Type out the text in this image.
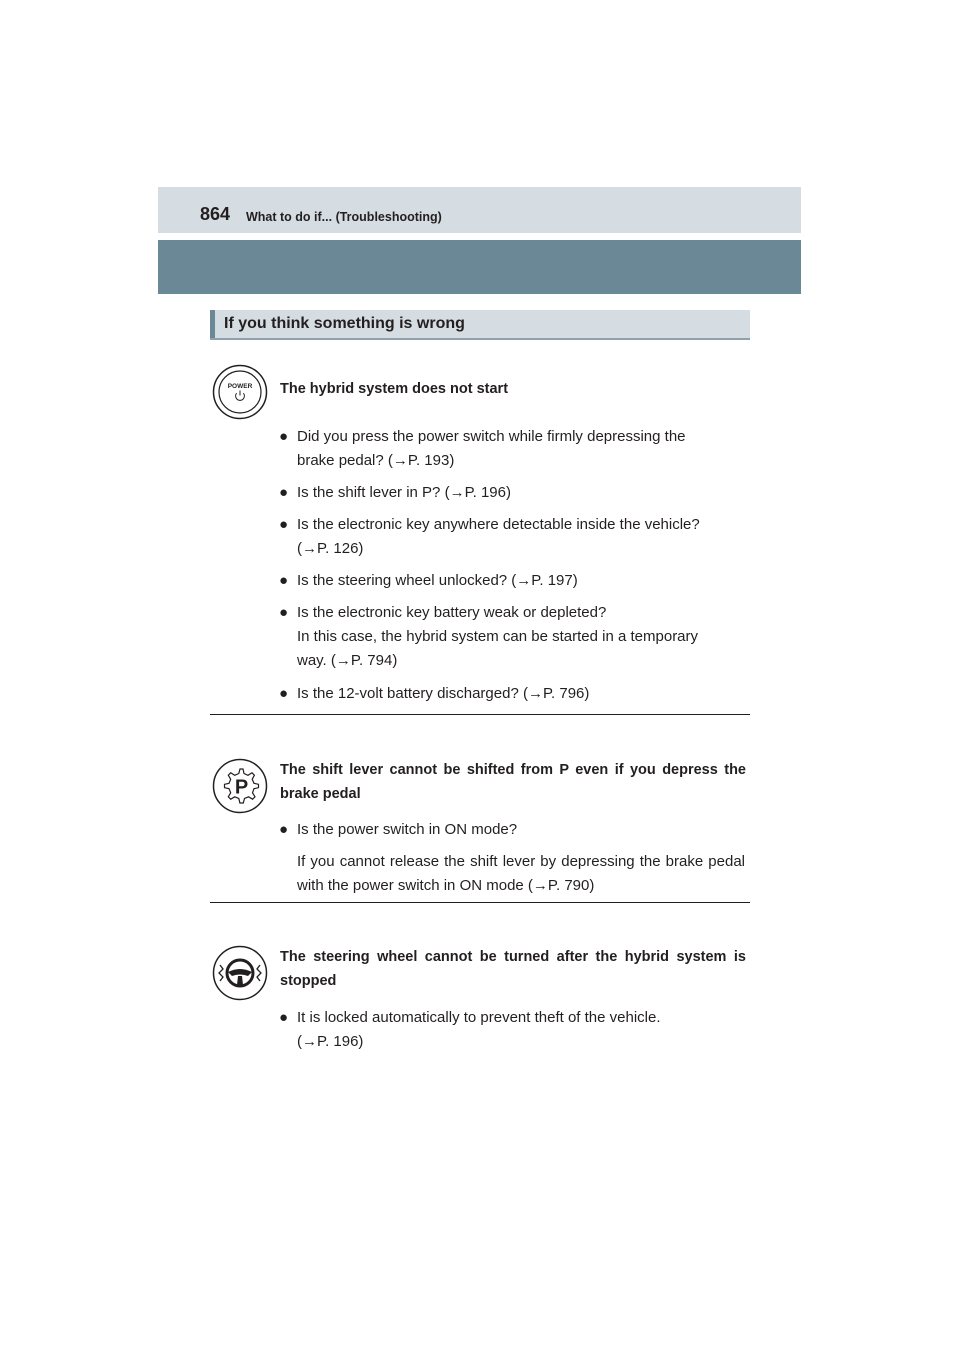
864 What to do if... (Troubleshooting)
If you think something is wrong
POWER The hybrid system does not start
● Did you press the power switch while firmly depressing the
brake pedal? (→P. 193)
● Is the shift lever in P? (→P. 196)
● Is the electronic key anywhere detectable inside the vehicle?
(→P. 126)
● Is the steering wheel unlocked? (→P. 197)
● Is the electronic key battery weak or depleted?
In this case, the hybrid system can be started in a temporary
way. (→P. 794)
● Is the 12-volt battery discharged? (→P. 796)
P
The shift lever cannot be shifted from P even if you depress the brake pedal
● Is the power switch in ON mode?
If you cannot release the shift lever by depressing the brake pedal with the power switch in ON mode (→P. 790)
The steering wheel cannot be turned after the hybrid system is stopped
● It is locked automatically to prevent theft of the vehicle.
(→P. 196)
